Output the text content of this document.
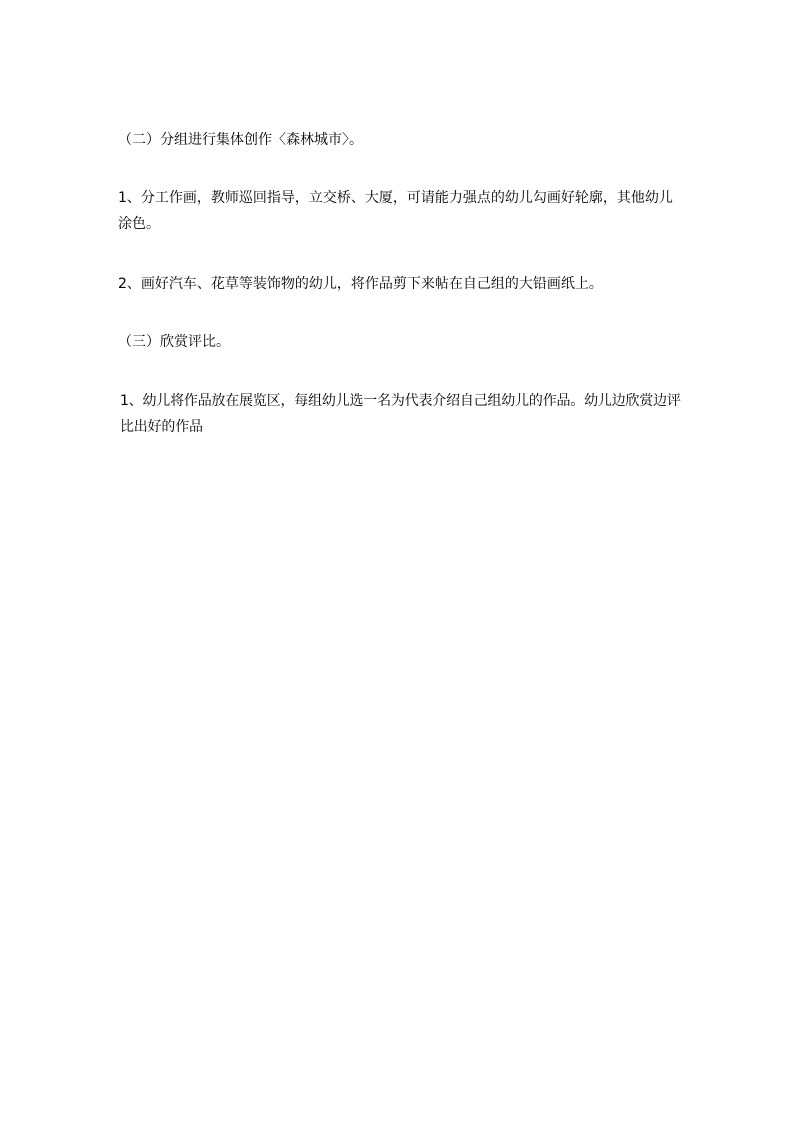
（二）分组进行集体创作〈森林城市〉。

1、分工作画，教师巡回指导，立交桥、大厦，可请能力强点的幼儿勾画好轮廓，其他幼儿涂色。

2、画好汽车、花草等装饰物的幼儿，将作品剪下来帖在自己组的大铅画纸上。

（三）欣赏评比。

1、幼儿将作品放在展览区，每组幼儿选一名为代表介绍自己组幼儿的作品。幼儿边欣赏边评比出好的作品
